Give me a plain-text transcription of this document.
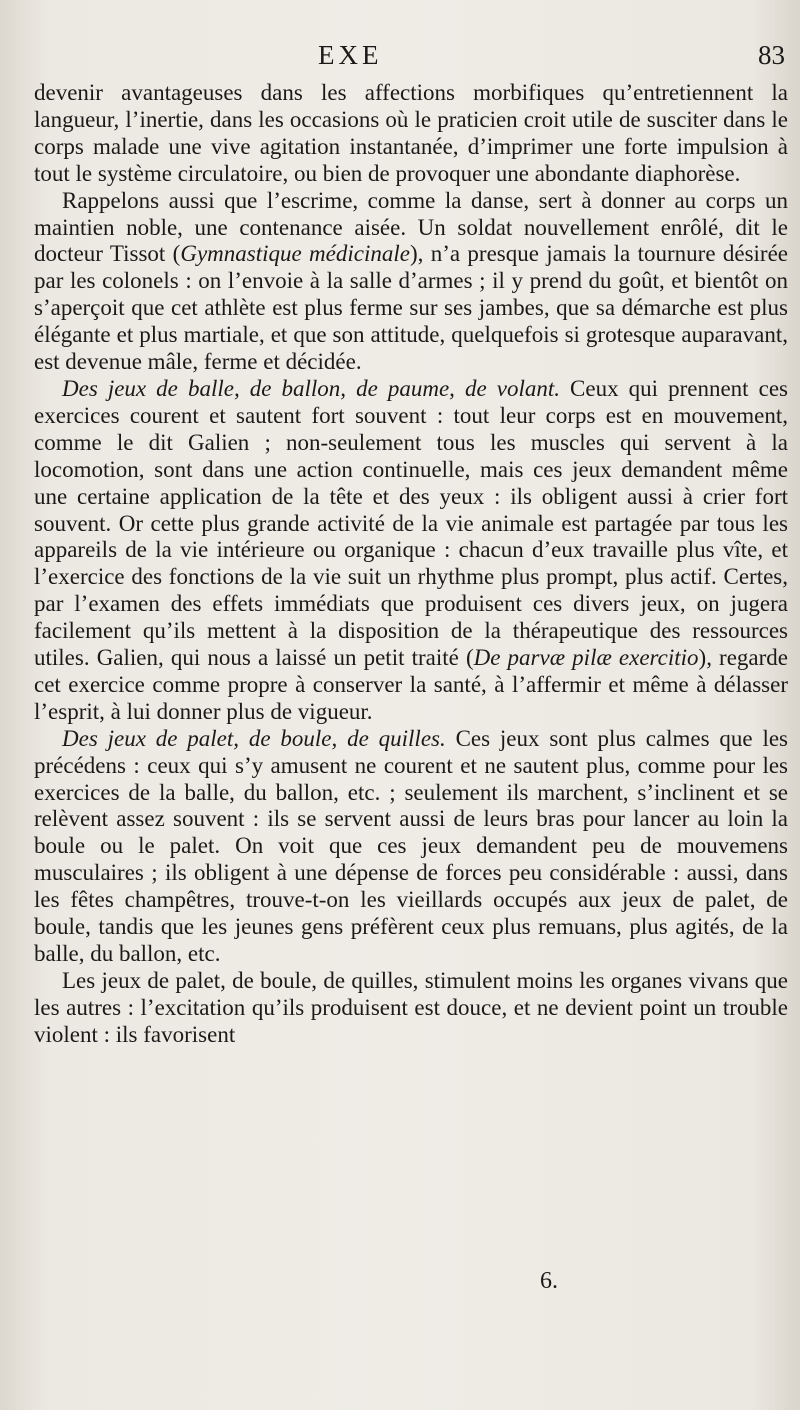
EXE	83

devenir avantageuses dans les affections morbifiques qu’entretiennent la langueur, l’inertie, dans les occasions où le praticien croit utile de susciter dans le corps malade une vive agitation instantanée, d’imprimer une forte impulsion à tout le système circulatoire, ou bien de provoquer une abondante diaphorèse.

Rappelons aussi que l’escrime, comme la danse, sert à donner au corps un maintien noble, une contenance aisée. Un soldat nouvellement enrôlé, dit le docteur Tissot (Gymnastique médicinale), n’a presque jamais la tournure désirée par les colonels : on l’envoie à la salle d’armes ; il y prend du goût, et bientôt on s’aperçoit que cet athlète est plus ferme sur ses jambes, que sa démarche est plus élégante et plus martiale, et que son attitude, quelquefois si grotesque auparavant, est devenue mâle, ferme et décidée.

Des jeux de balle, de ballon, de paume, de volant. Ceux qui prennent ces exercices courent et sautent fort souvent : tout leur corps est en mouvement, comme le dit Galien ; non-seulement tous les muscles qui servent à la locomotion, sont dans une action continuelle, mais ces jeux demandent même une certaine application de la tête et des yeux : ils obligent aussi à crier fort souvent. Or cette plus grande activité de la vie animale est partagée par tous les appareils de la vie intérieure ou organique : chacun d’eux travaille plus vîte, et l’exercice des fonctions de la vie suit un rhythme plus prompt, plus actif. Certes, par l’examen des effets immédiats que produisent ces divers jeux, on jugera facilement qu’ils mettent à la disposition de la thérapeutique des ressources utiles. Galien, qui nous a laissé un petit traité (De parvæ pilæ exercitio), regarde cet exercice comme propre à conserver la santé, à l’affermir et même à délasser l’esprit, à lui donner plus de vigueur.

Des jeux de palet, de boule, de quilles. Ces jeux sont plus calmes que les précédens : ceux qui s’y amusent ne courent et ne sautent plus, comme pour les exercices de la balle, du ballon, etc. ; seulement ils marchent, s’inclinent et se relèvent assez souvent : ils se servent aussi de leurs bras pour lancer au loin la boule ou le palet. On voit que ces jeux demandent peu de mouvemens musculaires ; ils obligent à une dépense de forces peu considérable : aussi, dans les fêtes champêtres, trouve-t-on les vieillards occupés aux jeux de palet, de boule, tandis que les jeunes gens préfèrent ceux plus remuans, plus agités, de la balle, du ballon, etc.

Les jeux de palet, de boule, de quilles, stimulent moins les organes vivans que les autres : l’excitation qu’ils produisent est douce, et ne devient point un trouble violent : ils favorisent

6.
